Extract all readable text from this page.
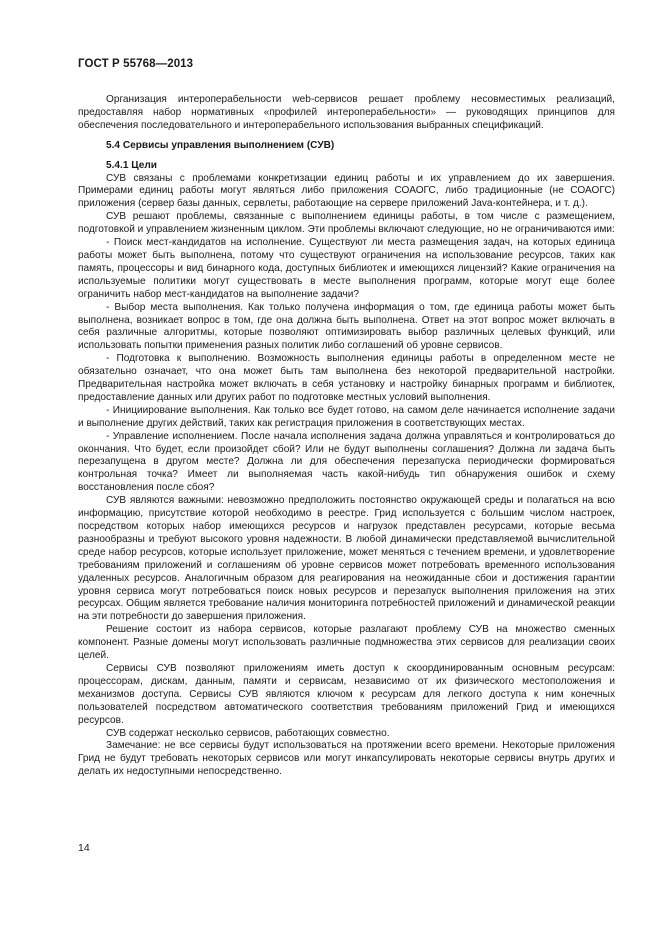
ГОСТ Р 55768—2013

Организация интероперабельности web-сервисов решает проблему несовместимых реализаций, предоставляя набор нормативных «профилей интероперабельности» — руководящих принципов для обеспечения последовательного и интероперабельного использования выбранных спецификаций.

5.4 Сервисы управления выполнением (СУВ)
5.4.1 Цели

СУВ связаны с проблемами конкретизации единиц работы и их управлением до их завершения. Примерами единиц работы могут являться либо приложения СОАОГС, либо традиционные (не СОАОГС) приложения (сервер базы данных, сервлеты, работающие на сервере приложений Java-контейнера, и т. д.).

СУВ решают проблемы, связанные с выполнением единицы работы, в том числе с размещением, подготовкой и управлением жизненным циклом. Эти проблемы включают следующие, но не ограничиваются ими:

- Поиск мест-кандидатов на исполнение. Существуют ли места размещения задач, на которых единица работы может быть выполнена, потому что существуют ограничения на использование ресурсов, таких как память, процессоры и вид бинарного кода, доступных библиотек и имеющихся лицензий? Какие ограничения на используемые политики могут существовать в месте выполнения программ, которые могут еще более ограничить набор мест-кандидатов на выполнение задачи?

- Выбор места выполнения. Как только получена информация о том, где единица работы может быть выполнена, возникает вопрос в том, где она должна быть выполнена. Ответ на этот вопрос может включать в себя различные алгоритмы, которые позволяют оптимизировать выбор различных целевых функций, или использовать попытки применения разных политик либо соглашений об уровне сервисов.

- Подготовка к выполнению. Возможность выполнения единицы работы в определенном месте не обязательно означает, что она может быть там выполнена без некоторой предварительной настройки. Предварительная настройка может включать в себя установку и настройку бинарных программ и библиотек, предоставление данных или других работ по подготовке местных условий выполнения.

- Инициирование выполнения. Как только все будет готово, на самом деле начинается исполнение задачи и выполнение других действий, таких как регистрация приложения в соответствующих местах.

- Управление исполнением. После начала исполнения задача должна управляться и контролироваться до окончания. Что будет, если произойдет сбой? Или не будут выполнены соглашения? Должна ли задача быть перезапущена в другом месте? Должна ли для обеспечения перезапуска периодически формироваться контрольная точка? Имеет ли выполняемая часть какой-нибудь тип обнаружения ошибок и схему восстановления после сбоя?

СУВ являются важными: невозможно предположить постоянство окружающей среды и полагаться на всю информацию, присутствие которой необходимо в реестре. Грид используется с большим числом настроек, посредством которых набор имеющихся ресурсов и нагрузок представлен ресурсами, которые весьма разнообразны и требуют высокого уровня надежности. В любой динамически представляемой вычислительной среде набор ресурсов, которые использует приложение, может меняться с течением времени, и удовлетворение требованиям приложений и соглашениям об уровне сервисов может потребовать временного использования удаленных ресурсов. Аналогичным образом для реагирования на неожиданные сбои и достижения гарантии уровня сервиса могут потребоваться поиск новых ресурсов и перезапуск выполнения приложения на этих ресурсах. Общим является требование наличия мониторинга потребностей приложений и динамической реакции на эти потребности до завершения приложения.

Решение состоит из набора сервисов, которые разлагают проблему СУВ на множество сменных компонент. Разные домены могут использовать различные подмножества этих сервисов для реализации своих целей.

Сервисы СУВ позволяют приложениям иметь доступ к скоординированным основным ресурсам: процессорам, дискам, данным, памяти и сервисам, независимо от их физического местоположения и механизмов доступа. Сервисы СУВ являются ключом к ресурсам для легкого доступа к ним конечных пользователей посредством автоматического соответствия требованиям приложений Грид и имеющихся ресурсов.

СУВ содержат несколько сервисов, работающих совместно.

Замечание: не все сервисы будут использоваться на протяжении всего времени. Некоторые приложения Грид не будут требовать некоторых сервисов или могут инкапсулировать некоторые сервисы внутрь других и делать их недоступными непосредственно.

14
